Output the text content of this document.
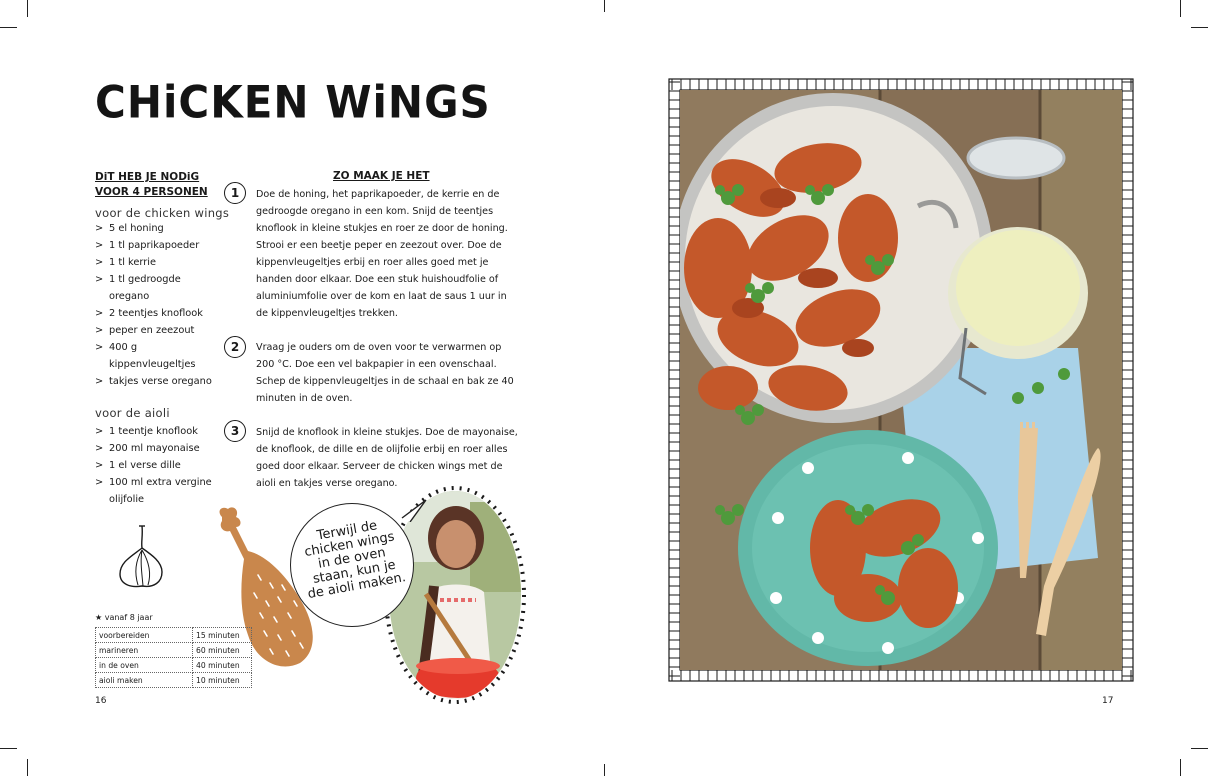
CHiCKEN WiNGS
DiT HEB JE NODiG
VOOR 4 PERSONEN
voor de chicken wings
> 5 el honing
> 1 tl paprikapoeder
> 1 tl kerrie
> 1 tl gedroogde oregano
> 2 teentjes knoflook
> peper en zeezout
> 400 g kippenvleugeltjes
> takjes verse oregano
voor de aioli
> 1 teentje knoflook
> 200 ml mayonaise
> 1 el verse dille
> 100 ml extra vergine olijfolie
ZO MAAK JE HET
1	Doe de honing, het paprikapoeder, de kerrie en de gedroogde oregano in een kom. Snijd de teentjes knoflook in kleine stukjes en roer ze door de honing. Strooi er een beetje peper en zeezout over. Doe de kippenvleugeltjes erbij en roer alles goed met je handen door elkaar. Doe een stuk huishoudfolie of aluminiumfolie over de kom en laat de saus 1 uur in de kippenvleugeltjes trekken.
2	Vraag je ouders om de oven voor te verwarmen op 200 °C. Doe een vel bakpapier in een ovenschaal. Schep de kippenvleugeltjes in de schaal en bak ze 40 minuten in de oven.
3	Snijd de knoflook in kleine stukjes. Doe de mayonaise, de knoflook, de dille en de olijfolie erbij en roer alles goed door elkaar. Serveer de chicken wings met de aioli en takjes verse oregano.
Terwijl de chicken wings in de oven staan, kun je de aioli maken.
★ vanaf 8 jaar
voorbereiden	15 minuten
marineren	60 minuten
in de oven	40 minuten
aioli maken	10 minuten
16	17
